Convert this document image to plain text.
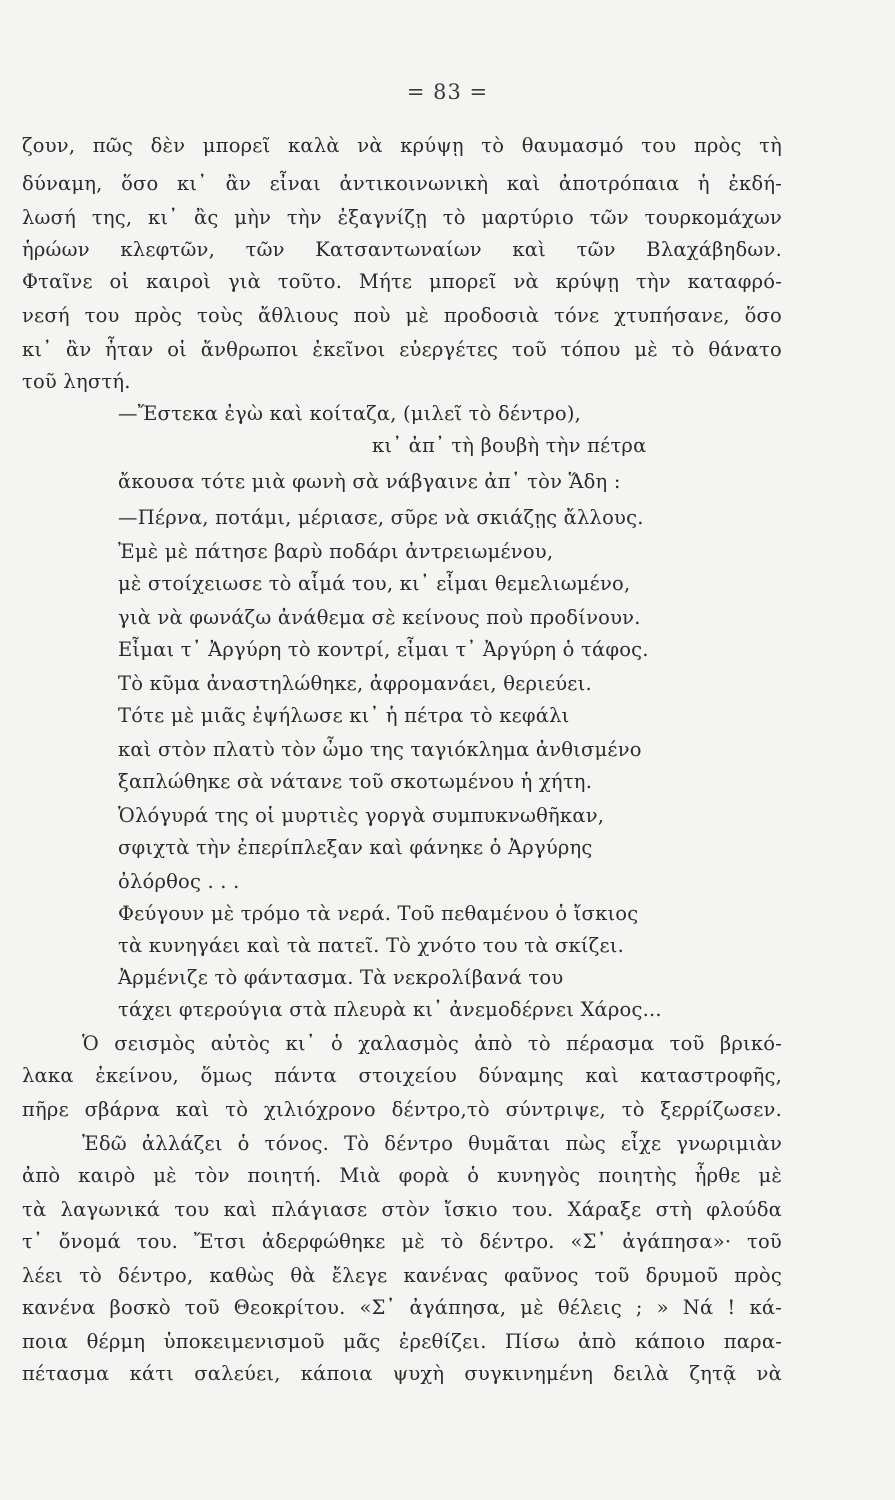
= 83 =
ζουν, πῶς δὲν μπορεῖ καλὰ νὰ κρύψῃ τὸ θαυμασμό του πρὸς τὴ
δύναμη, ὅσο κι᾽ ἂν εἶναι ἀντικοινωνικὴ καὶ ἀποτρόπαια ἡ ἐκδή-
λωσή της, κι᾽ ἂς μὴν τὴν ἐξαγνίζῃ τὸ μαρτύριο τῶν τουρκομάχων
ἡρώων κλεφτῶν, τῶν Κατσαντωναίων καὶ τῶν Βλαχάβηδων.
Φταῖνε οἱ καιροὶ γιὰ τοῦτο. Μήτε μπορεῖ νὰ κρύψῃ τὴν καταφρό-
νεσή του πρὸς τοὺς ἄθλιους ποὺ μὲ προδοσιὰ τόνε χτυπήσανε, ὅσο
κι᾽ ἂν ἦταν οἱ ἄνθρωποι ἐκεῖνοι εὐεργέτες τοῦ τόπου μὲ τὸ θάνατο
τοῦ ληστή.
—Ἔστεκα ἐγὼ καὶ κοίταζα, (μιλεῖ τὸ δέντρο),
κι᾽ ἀπ᾽ τὴ βουβὴ τὴν πέτρα
ἄκουσα τότε μιὰ φωνὴ σὰ νάβγαινε ἀπ᾽ τὸν Ἅδη :
—Πέρνα, ποτάμι, μέριασε, σῦρε νὰ σκιάζῃς ἄλλους.
Ἐμὲ μὲ πάτησε βαρὺ ποδάρι ἀντρειωμένου,
μὲ στοίχειωσε τὸ αἷμά του, κι᾽ εἶμαι θεμελιωμένο,
γιὰ νὰ φωνάζω ἀνάθεμα σὲ κείνους ποὺ προδίνουν.
Εἶμαι τ᾽ Ἀργύρη τὸ κοντρί, εἶμαι τ᾽ Ἀργύρη ὁ τάφος.
Τὸ κῦμα ἀναστηλώθηκε, ἀφρομανάει, θεριεύει.
Τότε μὲ μιᾶς ἐψήλωσε κι᾽ ἡ πέτρα τὸ κεφάλι
καὶ στὸν πλατὺ τὸν ὦμο της ταγιόκλημα ἀνθισμένο
ξαπλώθηκε σὰ νάτανε τοῦ σκοτωμένου ἡ χήτη.
Ὁλόγυρά της οἱ μυρτιὲς γοργὰ συμπυκνωθῆκαν,
σφιχτὰ τὴν ἐπερίπλεξαν καὶ φάνηκε ὁ Ἀργύρης
ὀλόρθος . . .
Φεύγουν μὲ τρόμο τὰ νερά. Τοῦ πεθαμένου ὁ ἴσκιος
τὰ κυνηγάει καὶ τὰ πατεῖ. Τὸ χνότο του τὰ σκίζει.
Ἀρμένιζε τὸ φάντασμα. Τὰ νεκρολίβανά του
τάχει φτερούγια στὰ πλευρὰ κι᾽ ἀνεμοδέρνει Χάρος...
Ὁ σεισμὸς αὐτὸς κι᾽ ὁ χαλασμὸς ἀπὸ τὸ πέρασμα τοῦ βρικό-
λακα ἐκείνου, ὅμως πάντα στοιχείου δύναμης καὶ καταστροφῆς,
πῆρε σβάρνα καὶ τὸ χιλιόχρονο δέντρο,τὸ σύντριψε, τὸ ξερρίζωσεν.
Ἐδῶ ἀλλάζει ὁ τόνος. Τὸ δέντρο θυμᾶται πὼς εἶχε γνωριμιὰν
ἀπὸ καιρὸ μὲ τὸν ποιητή. Μιὰ φορὰ ὁ κυνηγὸς ποιητὴς ἦρθε μὲ
τὰ λαγωνικά του καὶ πλάγιασε στὸν ἴσκιο του. Χάραξε στὴ φλούδα
τ᾽ ὄνομά του. Ἔτσι ἀδερφώθηκε μὲ τὸ δέντρο. «Σ᾽ ἀγάπησα»· τοῦ
λέει τὸ δέντρο, καθὼς θὰ ἔλεγε κανένας φαῦνος τοῦ δρυμοῦ πρὸς
κανένα βοσκὸ τοῦ Θεοκρίτου. «Σ᾽ ἀγάπησα, μὲ θέλεις ; » Νά ! κά-
ποια θέρμη ὑποκειμενισμοῦ μᾶς ἐρεθίζει. Πίσω ἀπὸ κάποιο παρα-
πέτασμα κάτι σαλεύει, κάποια ψυχὴ συγκινημένη δειλὰ ζητᾷ νὰ
